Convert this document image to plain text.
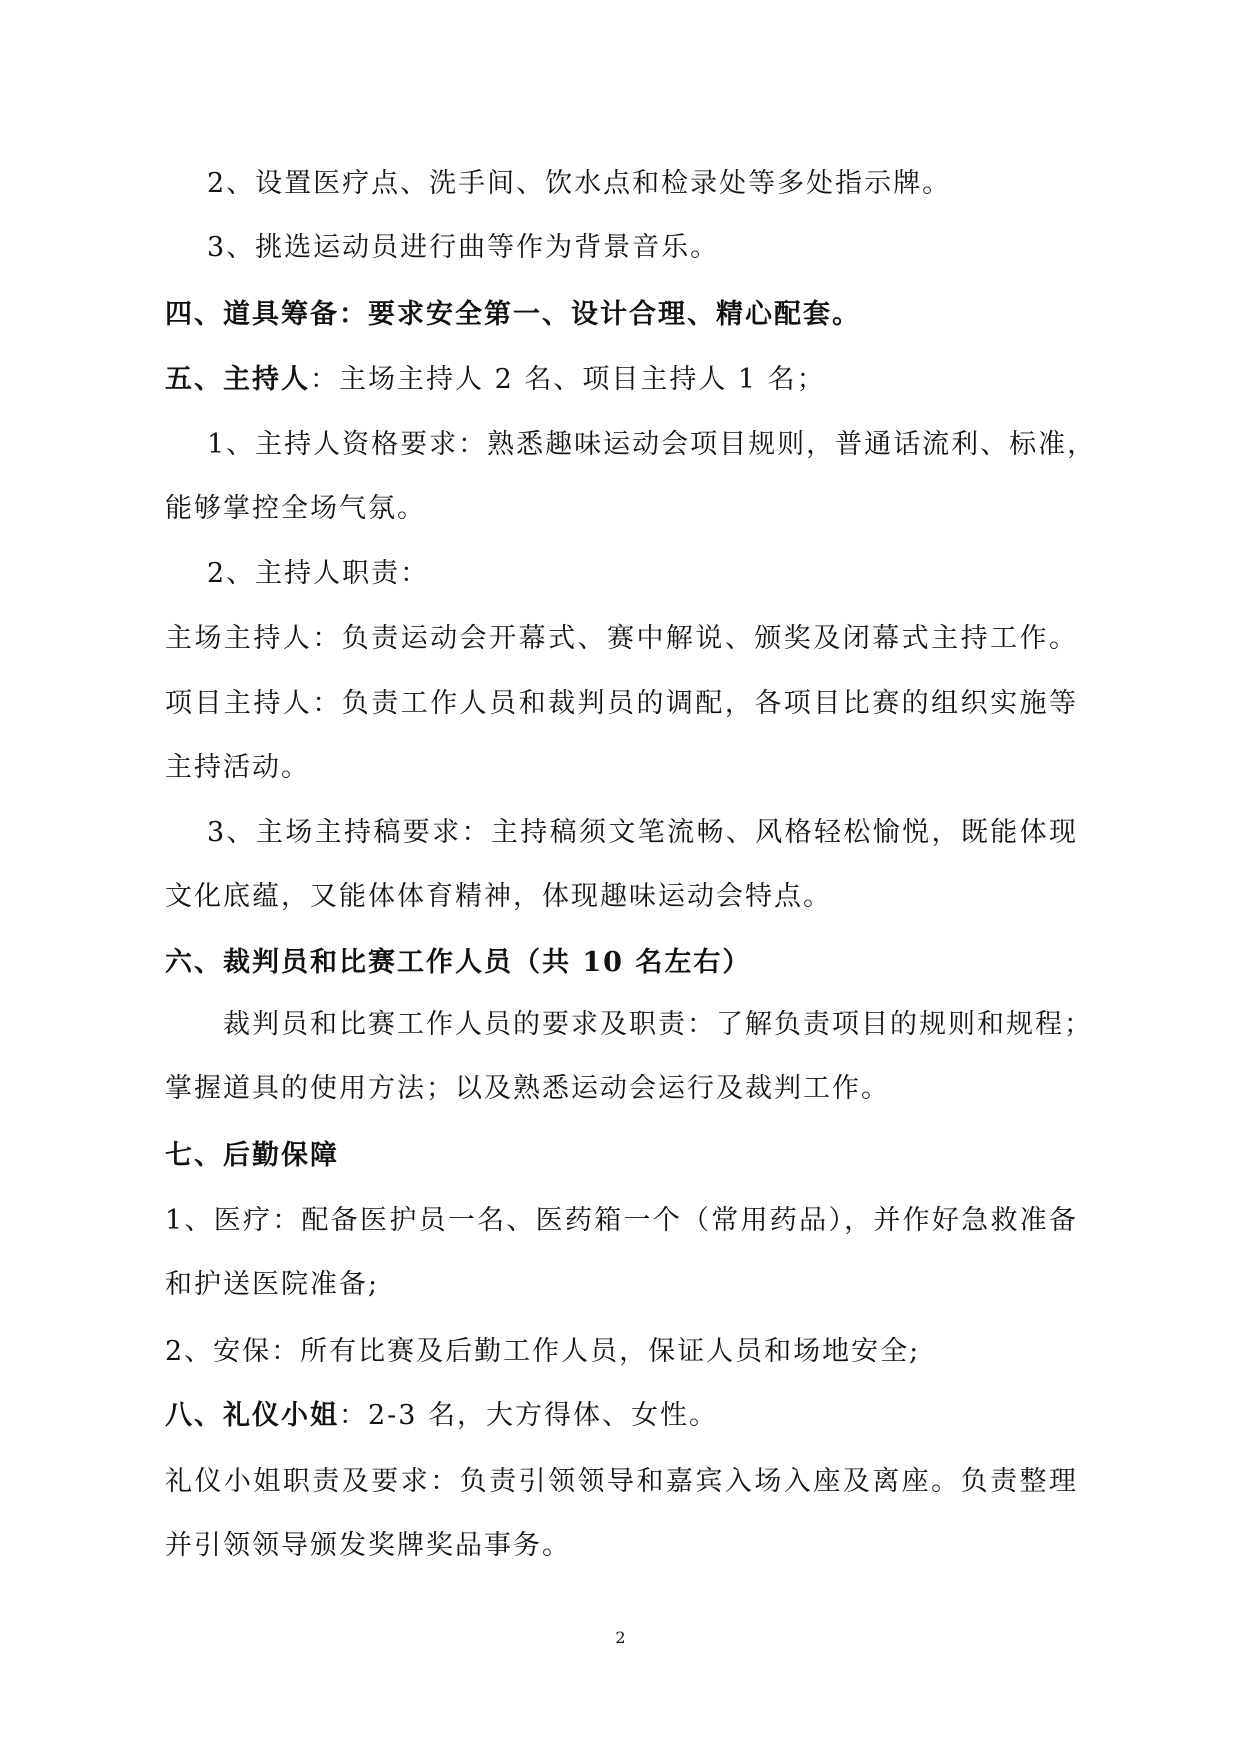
2、设置医疗点、洗手间、饮水点和检录处等多处指示牌。
3、挑选运动员进行曲等作为背景音乐。
四、道具筹备：要求安全第一、设计合理、精心配套。
五、主持人：主场主持人 2 名、项目主持人 1 名；
1、主持人资格要求：熟悉趣味运动会项目规则，普通话流利、标准，
能够掌控全场气氛。
2、主持人职责：
主场主持人：负责运动会开幕式、赛中解说、颁奖及闭幕式主持工作。
项目主持人：负责工作人员和裁判员的调配，各项目比赛的组织实施等
主持活动。
3、主场主持稿要求：主持稿须文笔流畅、风格轻松愉悦，既能体现
文化底蕴，又能体体育精神，体现趣味运动会特点。
六、裁判员和比赛工作人员（共 10 名左右）
裁判员和比赛工作人员的要求及职责：了解负责项目的规则和规程；
掌握道具的使用方法；以及熟悉运动会运行及裁判工作。
七、后勤保障
1、医疗：配备医护员一名、医药箱一个（常用药品），并作好急救准备
和护送医院准备;
2、安保：所有比赛及后勤工作人员，保证人员和场地安全;
八、礼仪小姐：2-3 名，大方得体、女性。
礼仪小姐职责及要求：负责引领领导和嘉宾入场入座及离座。负责整理
并引领领导颁发奖牌奖品事务。
2
